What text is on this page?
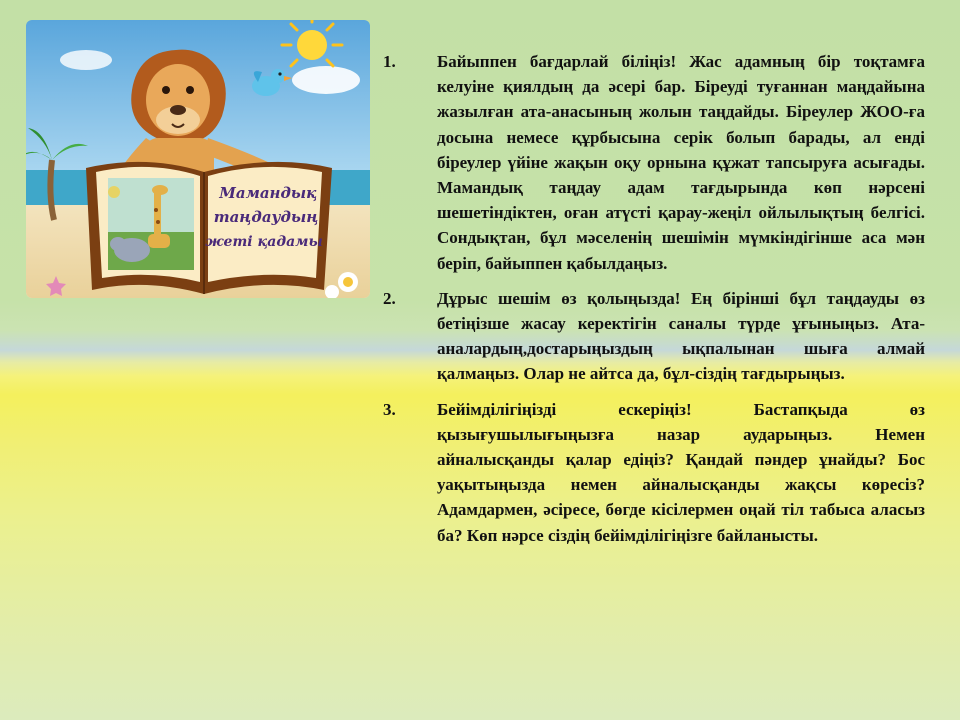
Мамандық
таңдаудың
жеті қадамы
1.	Байыппен бағдарлай біліңіз! Жас адамның бір тоқтамға келуіне қиялдың да әсері бар. Біреуді туғаннан маңдайына жазылған ата-анасының жолын таңдайды. Біреулер ЖОО-ға досына немесе құрбысына серік болып барады, ал енді біреулер үйіне жақын оқу орнына құжат тапсыруға асығады. Мамандық таңдау адам тағдырында көп нәрсені шешетіндіктен, оған атүсті қарау-жеңіл ойлылықтың белгісі. Сондықтан, бұл мәселенің шешімін мүмкіндігінше аса мән беріп, байыппен қабылдаңыз.
2.	Дұрыс шешім өз қолыңызда! Ең бірінші бұл таңдауды өз бетіңізше жасау керектігін саналы түрде ұғыныңыз. Ата-аналардың,достарыңыздың ықпалынан шыға алмай қалмаңыз. Олар не айтса да, бұл-сіздің тағдырыңыз.
3.	Бейімділігіңізді ескеріңіз! Бастапқыда өз қызығушылығыңызға назар аударыңыз. Немен айналысқанды қалар едіңіз? Қандай пәндер ұнайды? Бос уақытыңызда немен айналысқанды жақсы көресіз? Адамдармен, әсіресе, бөгде кісілермен оңай тіл табыса аласыз ба? Көп нәрсе сіздің бейімділігіңізге байланысты.
